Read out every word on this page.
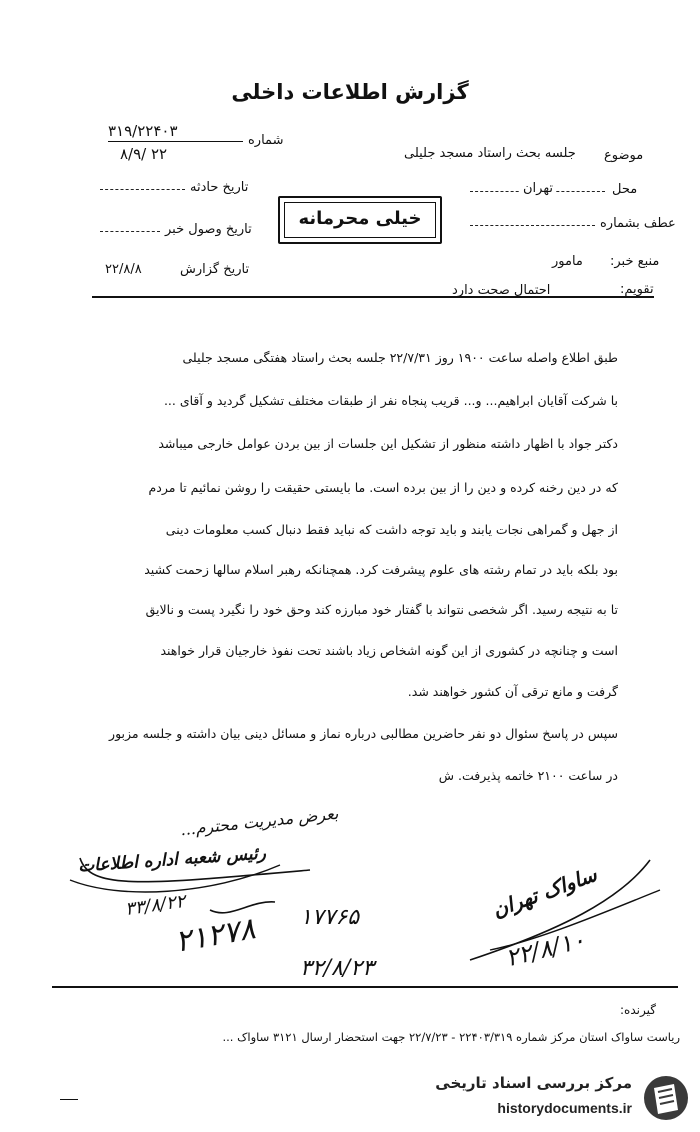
گزارش اطلاعات داخلی
شماره
۳۱۹/۲۲۴۰۳
۸/۹/ ۲۲
تاریخ حادثه
تاریخ وصول خبر
تاریخ گزارش
۲۲/۸/۸
خیلی محرمانه
موضوع
جلسه بحث راستاد مسجد جلیلی
محل
تهران
عطف بشماره
منبع خبر:
مامور
تقویم:
احتمال صحت دارد
طبق اطلاع واصله ساعت ۱۹۰۰ روز ۲۲/۷/۳۱ جلسه بحث راستاد هفتگی مسجد جلیلی
با شرکت آقایان ابراهیم... و... قریب پنجاه نفر از طبقات مختلف تشکیل گردید و آقای ...
دکتر جواد با اظهار داشته منظور از تشکیل این جلسات از بین بردن عوامل خارجی میباشد
که در دین رخنه کرده و دین را از بین برده است. ما بایستی حقیقت را روشن نمائیم تا مردم
از جهل و گمراهی نجات یابند و باید توجه داشت که نباید فقط دنبال کسب معلومات دینی
بود بلکه باید در تمام رشته های علوم پیشرفت کرد. همچنانکه رهبر اسلام سالها زحمت کشید
تا به نتیجه رسید. اگر شخصی نتواند با گفتار خود مبارزه کند وحق خود را نگیرد پست و نالایق
است و چنانچه در کشوری از این گونه اشخاص زیاد باشند تحت نفوذ خارجیان قرار خواهند
گرفت و مانع ترقی آن کشور خواهند شد.
سپس در پاسخ سئوال دو نفر حاضرین مطالبی درباره نماز و مسائل دینی بیان داشته و جلسه مزبور
در ساعت ۲۱۰۰ خاتمه پذیرفت. ش
بعرض مدیریت محترم...
رئیس شعبه اداره اطلاعات
۳۳/۸/۲۲
۲۱۲۷۸ ۱۷۷۶۵
۳۲/۸/۲۳
ساواک تهران
۲۲/۸/۱۰
گیرنده:
ریاست ساواک استان مرکز شماره ۲۲۴۰۳/۳۱۹ - ۲۲/۷/۲۳ جهت استحضار ارسال ۳۱۲۱ ساواک ...
مرکز بررسی اسناد تاریخی
historydocuments.ir
